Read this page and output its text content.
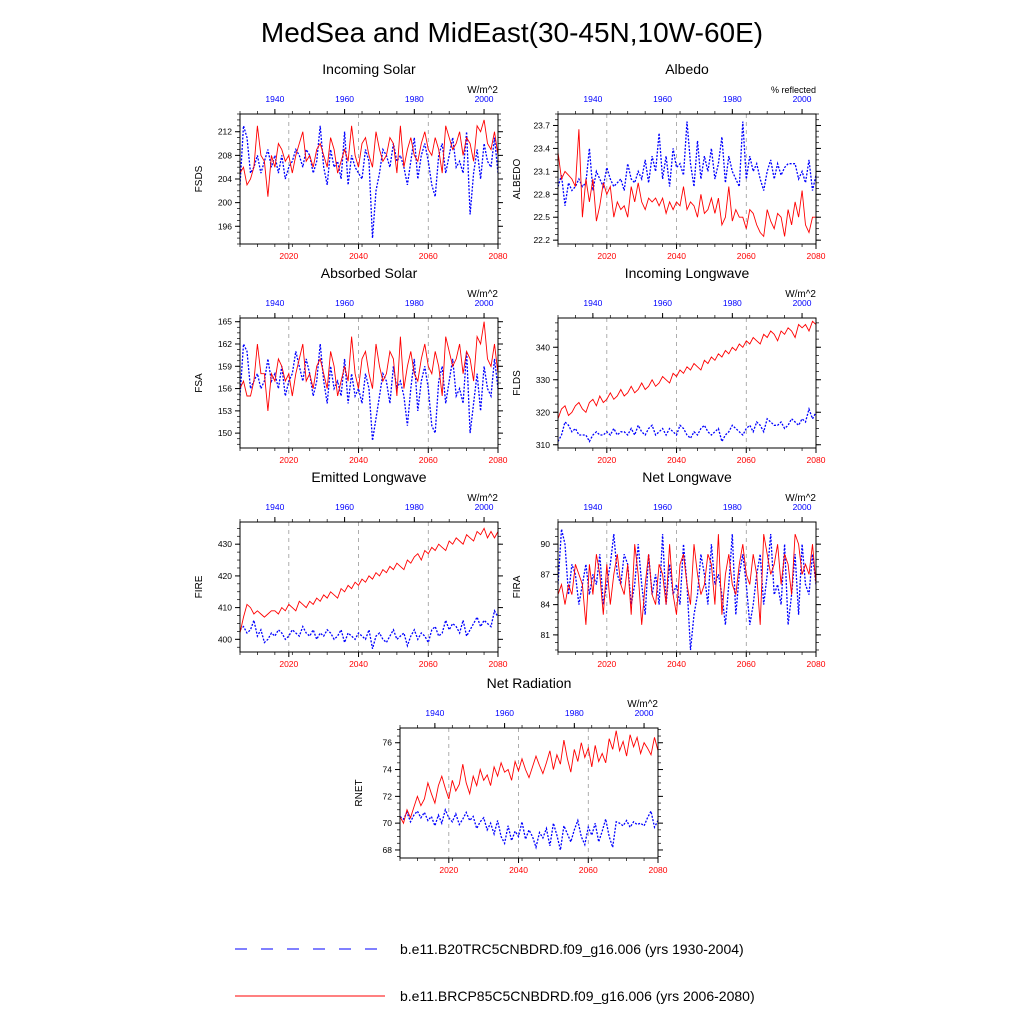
MedSea and MidEast(30-45N,10W-60E)
196
200
204
208
212
2020	2040	2060	2080
1940	1960	1980	2000
Incoming Solar
W/m^2
FSDS
22.2
22.5
22.8
23.1
23.4
23.7
2020	2040	2060	2080
1940	1960	1980	2000
Albedo
% reflected
ALBEDO
150
153
156
159
162
165
2020	2040	2060	2080
1940	1960	1980	2000
Absorbed Solar
W/m^2
FSA
310
320
330
340
2020	2040	2060	2080
1940	1960	1980	2000
Incoming Longwave
W/m^2
FLDS
400
410
420
430
2020	2040	2060	2080
1940	1960	1980	2000
Emitted Longwave
W/m^2
FIRE
81
84
87
90
2020	2040	2060	2080
1940	1960	1980	2000
Net Longwave
W/m^2
FIRA
68
70
72
74
76
2020	2040	2060	2080
1940	1960	1980	2000
Net Radiation
W/m^2
RNET
b.e11.B20TRC5CNBDRD.f09_g16.006 (yrs 1930-2004)
b.e11.BRCP85C5CNBDRD.f09_g16.006 (yrs 2006-2080)
